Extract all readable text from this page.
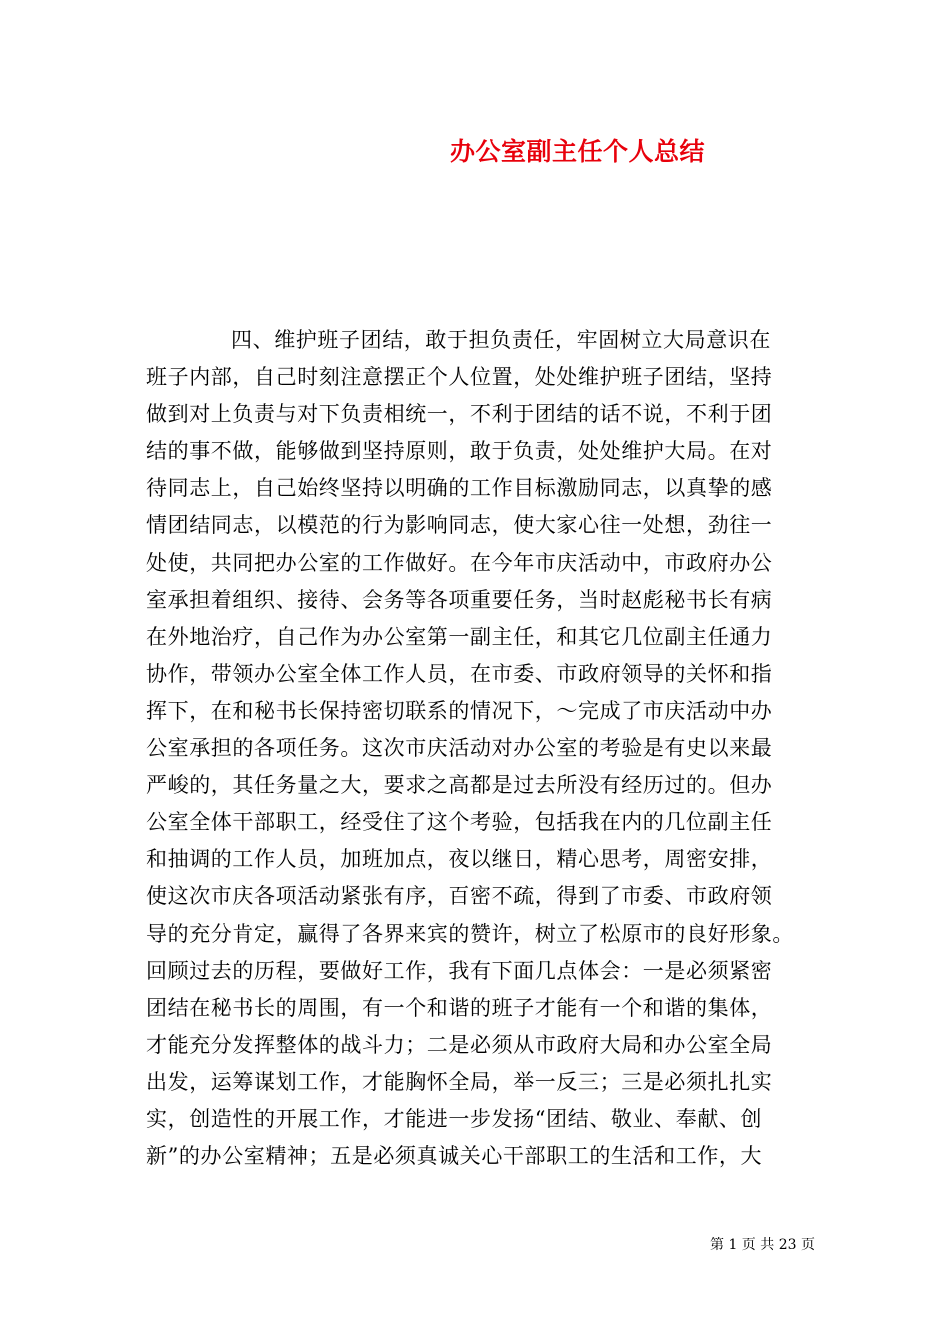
办公室副主任个人总结
四、维护班子团结，敢于担负责任，牢固树立大局意识在
班子内部，自己时刻注意摆正个人位置，处处维护班子团结，坚持
做到对上负责与对下负责相统一，不利于团结的话不说，不利于团
结的事不做，能够做到坚持原则，敢于负责，处处维护大局。在对
待同志上，自己始终坚持以明确的工作目标激励同志，以真挚的感
情团结同志，以模范的行为影响同志，使大家心往一处想，劲往一
处使，共同把办公室的工作做好。在今年市庆活动中，市政府办公
室承担着组织、接待、会务等各项重要任务，当时赵彪秘书长有病
在外地治疗，自己作为办公室第一副主任，和其它几位副主任通力
协作，带领办公室全体工作人员，在市委、市政府领导的关怀和指
挥下，在和秘书长保持密切联系的情况下，～完成了市庆活动中办
公室承担的各项任务。这次市庆活动对办公室的考验是有史以来最
严峻的，其任务量之大，要求之高都是过去所没有经历过的。但办
公室全体干部职工，经受住了这个考验，包括我在内的几位副主任
和抽调的工作人员，加班加点，夜以继日，精心思考，周密安排，
使这次市庆各项活动紧张有序，百密不疏，得到了市委、市政府领
导的充分肯定，赢得了各界来宾的赞许，树立了松原市的良好形象。
回顾过去的历程，要做好工作，我有下面几点体会：一是必须紧密
团结在秘书长的周围，有一个和谐的班子才能有一个和谐的集体，
才能充分发挥整体的战斗力；二是必须从市政府大局和办公室全局
出发，运筹谋划工作，才能胸怀全局，举一反三；三是必须扎扎实
实，创造性的开展工作，才能进一步发扬“团结、敬业、奉献、创
新”的办公室精神；五是必须真诚关心干部职工的生活和工作，大
第 1 页 共 23 页
